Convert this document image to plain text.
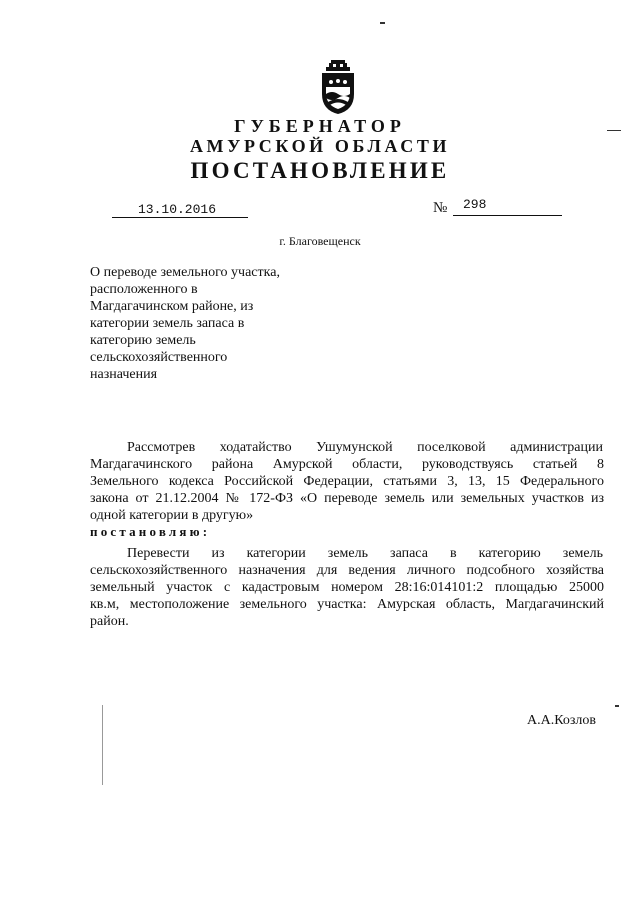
ГУБЕРНАТОР
АМУРСКОЙ ОБЛАСТИ
ПОСТАНОВЛЕНИЕ
13.10.2016	№ 298
г. Благовещенск
О переводе земельного участка,
расположенного в
Магдагачинском районе, из
категории земель запаса в
категорию земель
сельскохозяйственного
назначения
Рассмотрев ходатайство Ушумунской поселковой администрации
Магдагачинского района Амурской области, руководствуясь статьей 8
Земельного кодекса Российской Федерации, статьями 3, 13, 15 Федерального
закона от 21.12.2004 № 172-ФЗ «О переводе земель или земельных участков из
одной категории в другую»
постановляю:
Перевести из категории земель запаса в категорию земель
сельскохозяйственного назначения для ведения личного подсобного хозяйства
земельный участок с кадастровым номером 28:16:014101:2 площадью 25000
кв.м, местоположение земельного участка: Амурская область, Магдагачинский
район.
А.А.Козлов
